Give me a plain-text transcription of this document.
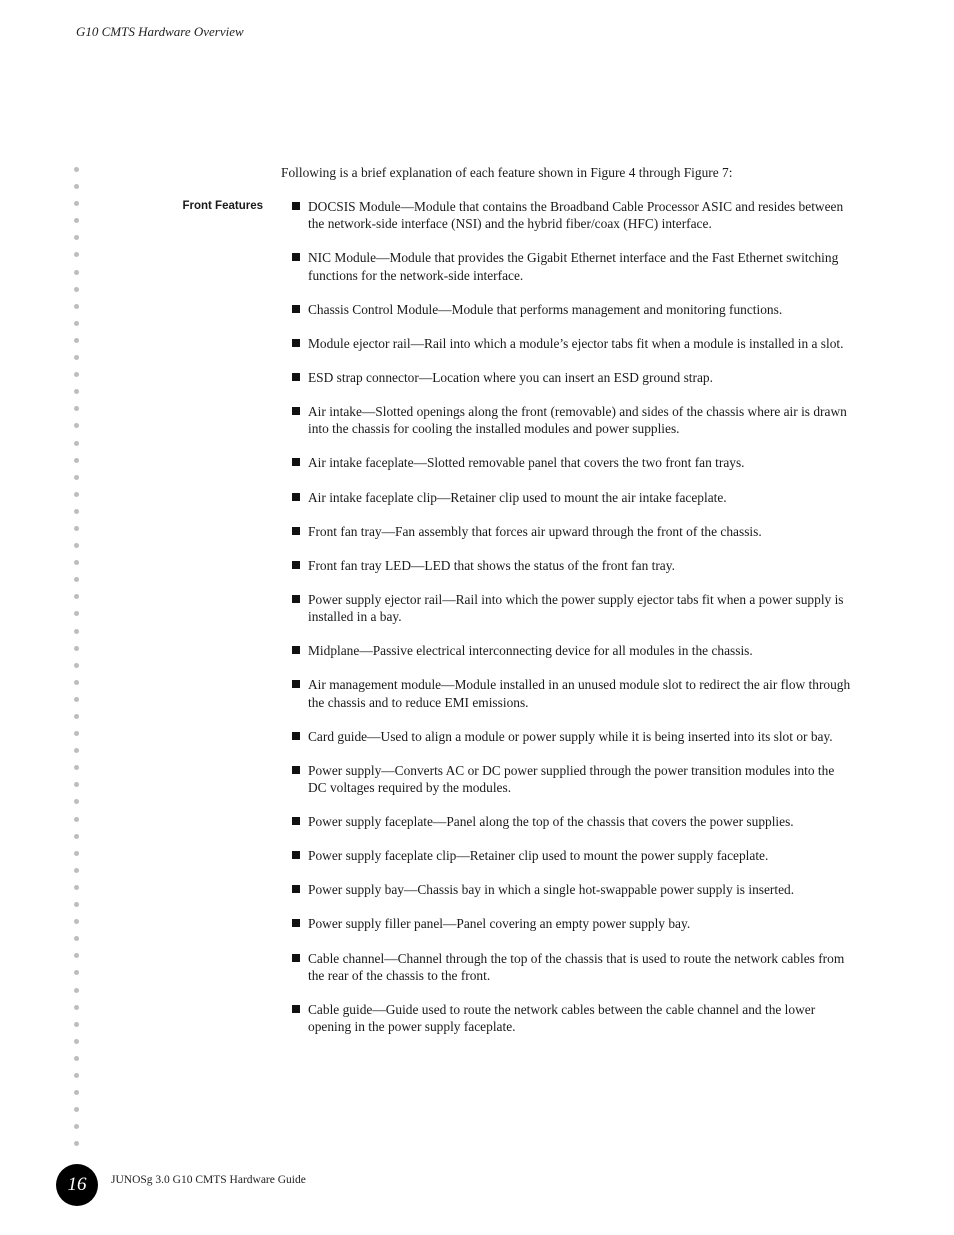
G10 CMTS Hardware Overview

Following is a brief explanation of each feature shown in Figure 4 through Figure 7:

Front Features	DOCSIS Module—Module that contains the Broadband Cable Processor ASIC and resides between the network-side interface (NSI) and the hybrid fiber/coax (HFC) interface.
NIC Module—Module that provides the Gigabit Ethernet interface and the Fast Ethernet switching functions for the network-side interface.
Chassis Control Module—Module that performs management and monitoring functions.
Module ejector rail—Rail into which a module’s ejector tabs fit when a module is installed in a slot.
ESD strap connector—Location where you can insert an ESD ground strap.
Air intake—Slotted openings along the front (removable) and sides of the chassis where air is drawn into the chassis for cooling the installed modules and power supplies.
Air intake faceplate—Slotted removable panel that covers the two front fan trays.
Air intake faceplate clip—Retainer clip used to mount the air intake faceplate.
Front fan tray—Fan assembly that forces air upward through the front of the chassis.
Front fan tray LED—LED that shows the status of the front fan tray.
Power supply ejector rail—Rail into which the power supply ejector tabs fit when a power supply is installed in a bay.
Midplane—Passive electrical interconnecting device for all modules in the chassis.
Air management module—Module installed in an unused module slot to redirect the air flow through the chassis and to reduce EMI emissions.
Card guide—Used to align a module or power supply while it is being inserted into its slot or bay.
Power supply—Converts AC or DC power supplied through the power transition modules into the DC voltages required by the modules.
Power supply faceplate—Panel along the top of the chassis that covers the power supplies.
Power supply faceplate clip—Retainer clip used to mount the power supply faceplate.
Power supply bay—Chassis bay in which a single hot-swappable power supply is inserted.
Power supply filler panel—Panel covering an empty power supply bay.
Cable channel—Channel through the top of the chassis that is used to route the network cables from the rear of the chassis to the front.
Cable guide—Guide used to route the network cables between the cable channel and the lower opening in the power supply faceplate.
16 JUNOSg 3.0 G10 CMTS Hardware Guide
